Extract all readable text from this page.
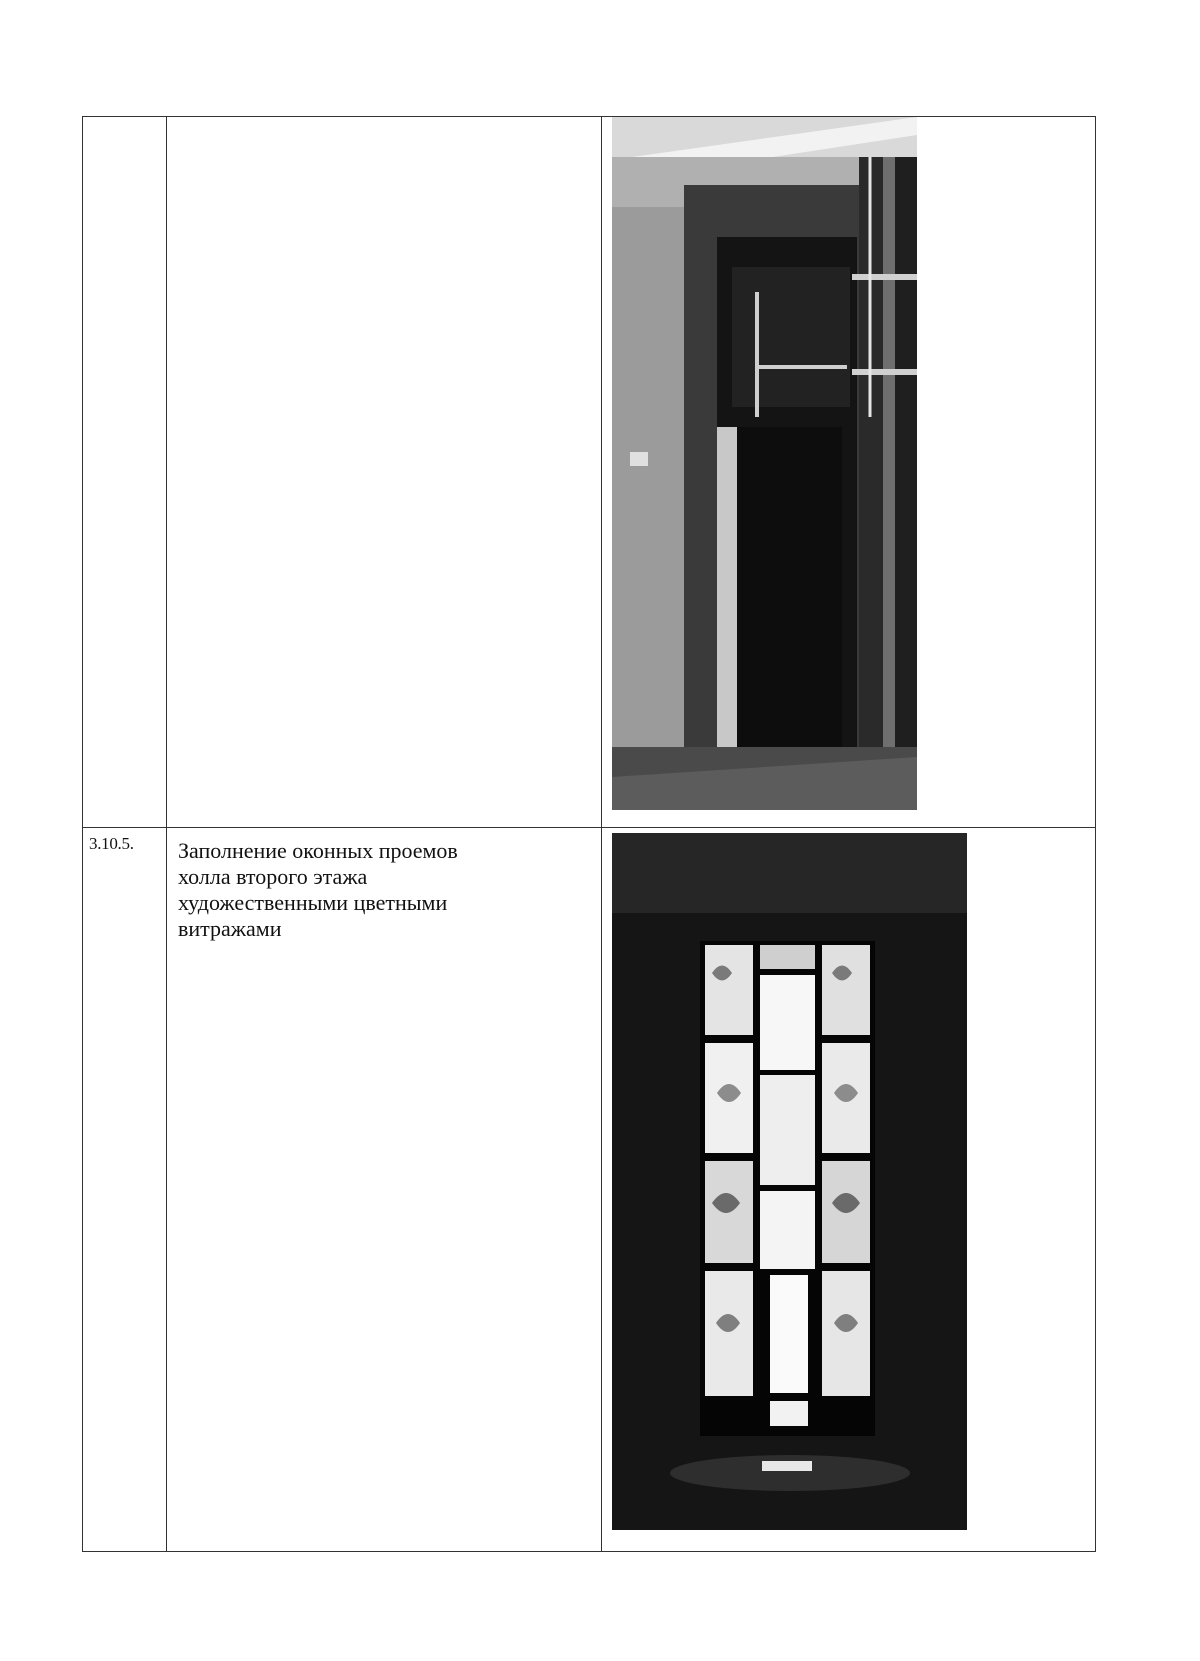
3.10.5.	Заполнение оконных проемов холла второго этажа художественными цветными витражами
